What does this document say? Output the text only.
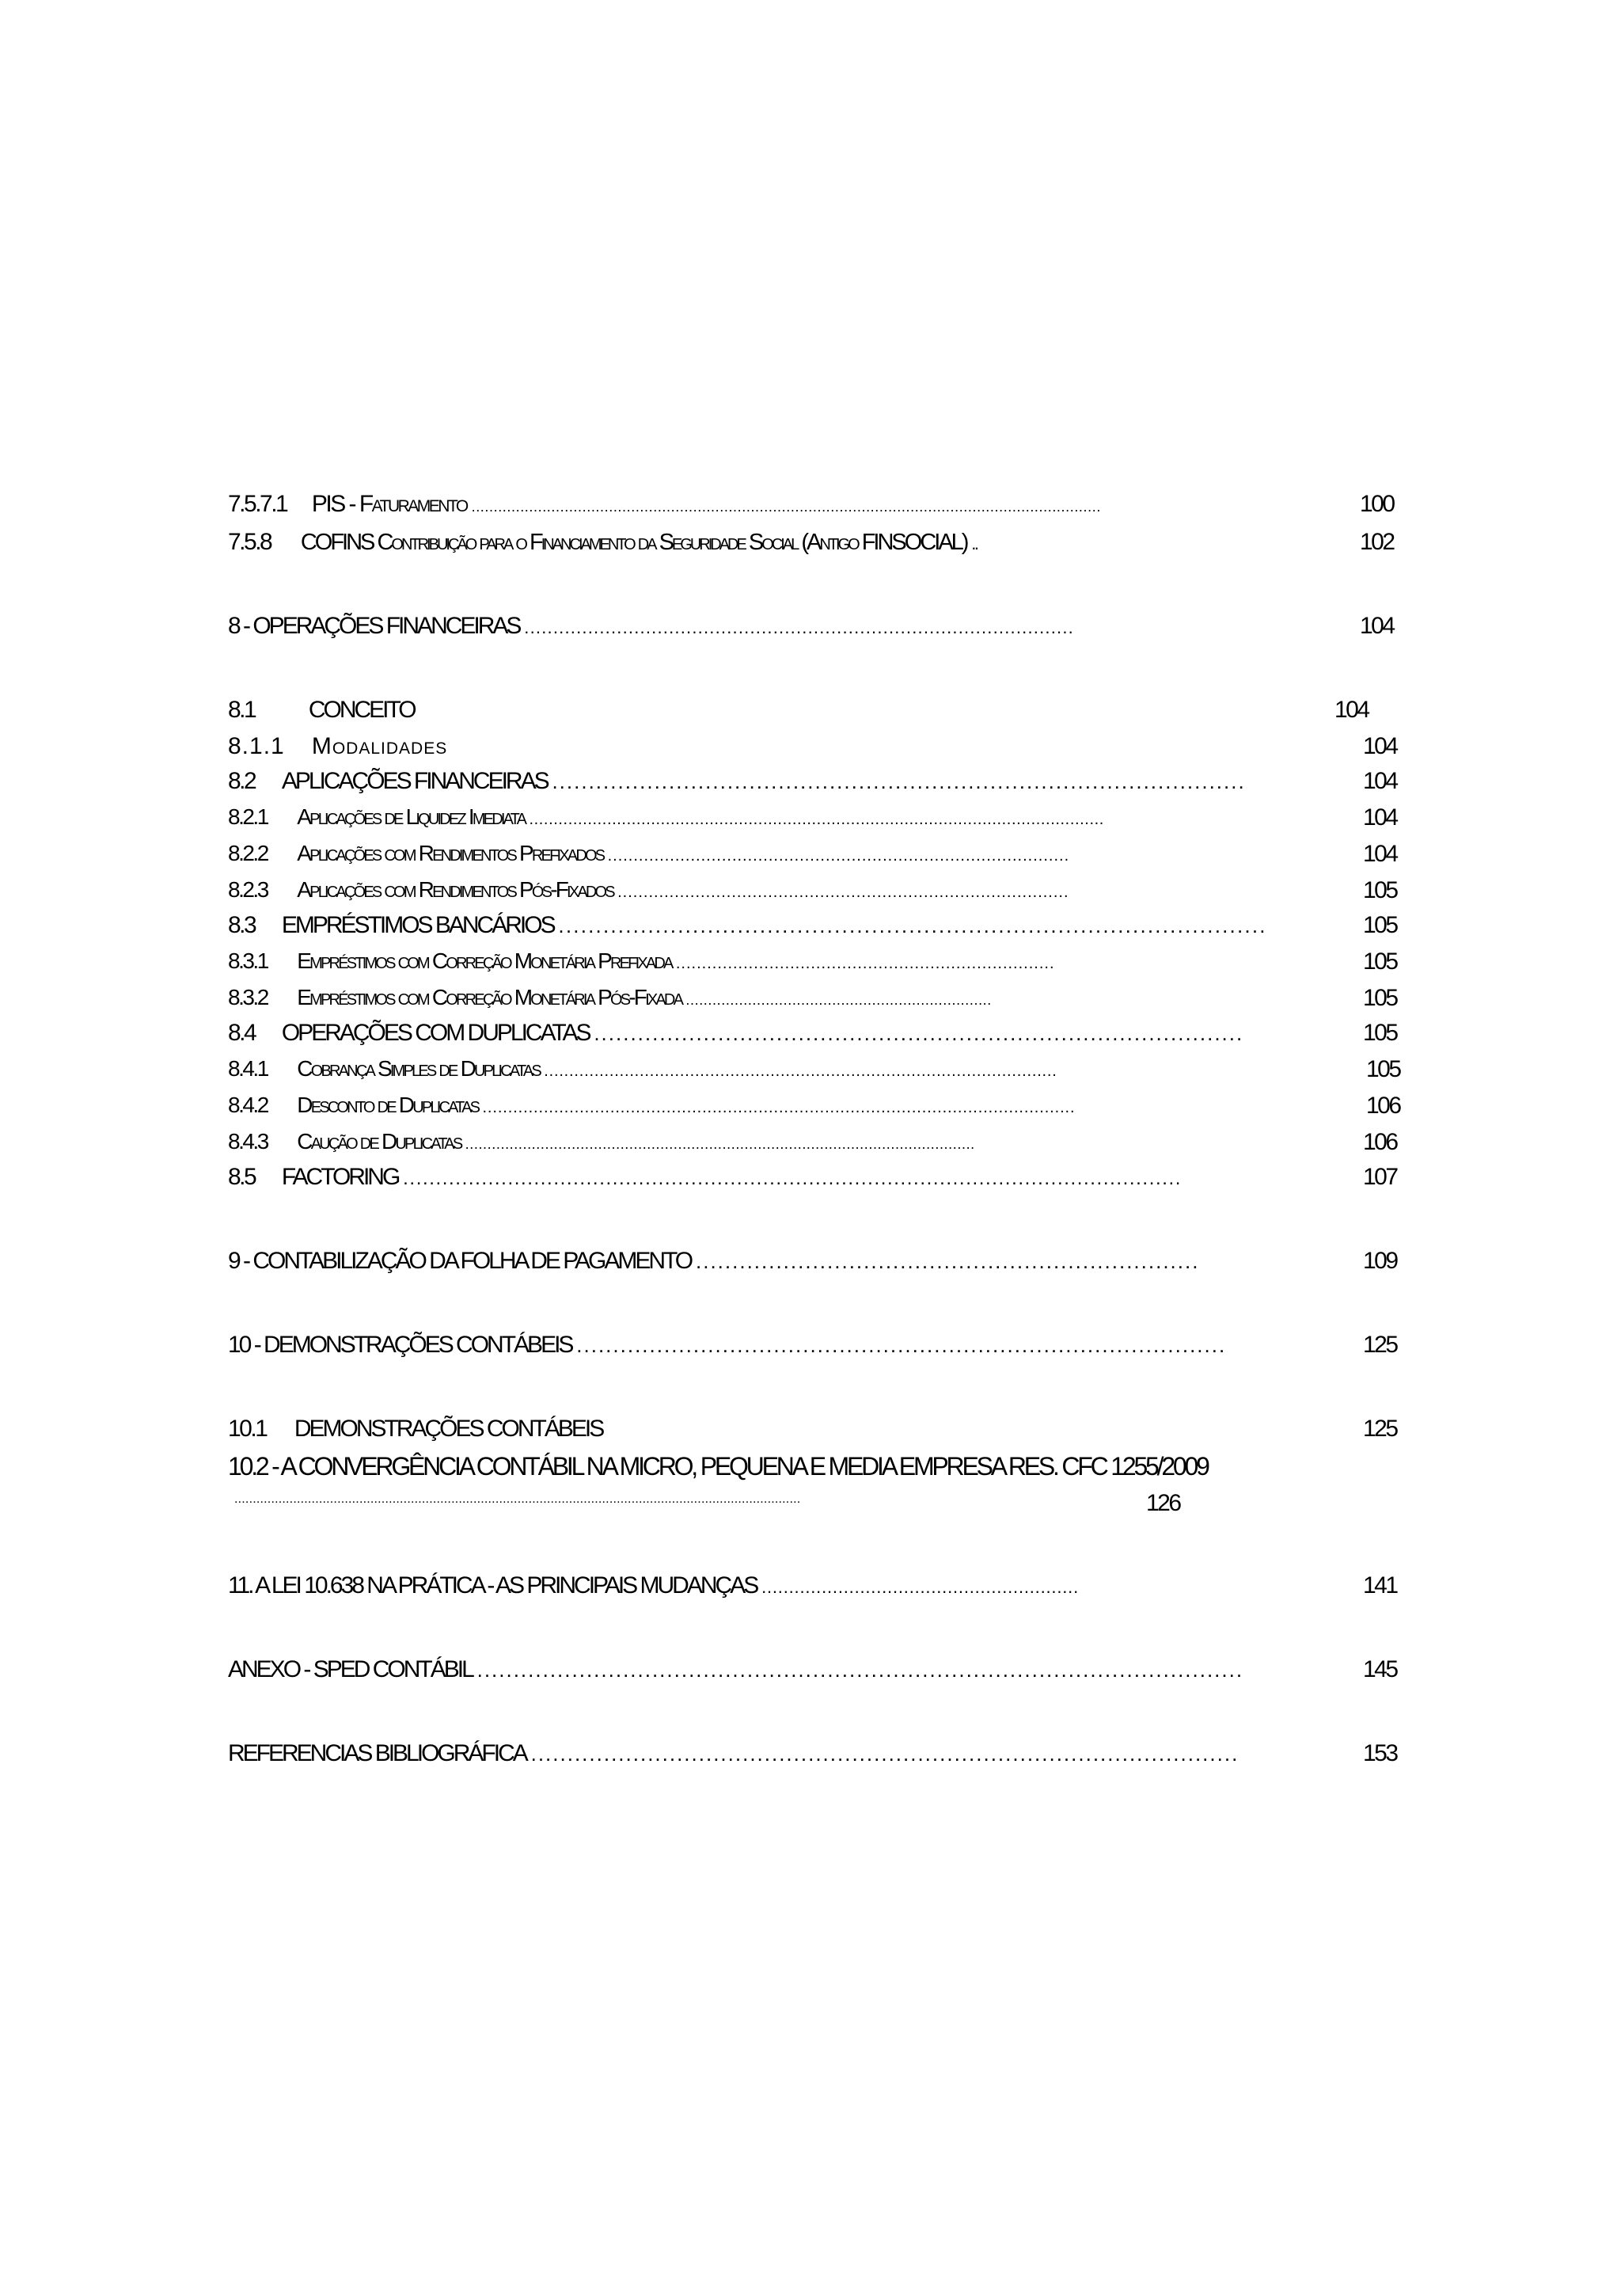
7.5.7.1 PIS - Faturamento ..............................................................................................................................................	100
7.5.8 COFINS Contribuição para o Financiamento da Seguridade Social (Antigo FINSOCIAL) ..	102
8 - OPERAÇÕES FINANCEIRAS ...............................................................................................	104
8.1 CONCEITO	104
8.1.1 Modalidades	104
8.2 APLICAÇÕES FINANCEIRAS ...............................................................................................	104
8.2.1 Aplicações de Liquidez Imediata ......................................................................................................................	104
8.2.2 Aplicações com Rendimentos Prefixados .........................................................................................	104
8.2.3 Aplicações com Rendimentos Pós-Fixados .......................................................................................	105
8.3 EMPRÉSTIMOS BANCÁRIOS ...............................................................................................	105
8.3.1 Empréstimos com Correção Monetária Prefixada .........................................................................	105
8.3.2 Empréstimos com Correção Monetária Pós-Fixada .....................................................................	105
8.4 OPERAÇÕES COM DUPLICATAS .........................................................................................	105
8.4.1 Cobrança Simples de Duplicatas ......................................................................................................	105
8.4.2 Desconto de Duplicatas ....................................................................................................................	106
8.4.3 Caução de Duplicatas ...................................................................................................................	106
8.5 FACTORING .......................................................................................................................	107
9 - CONTABILIZAÇÃO DA FOLHA DE PAGAMENTO .....................................................................	109
10 - DEMONSTRAÇÕES CONTÁBEIS .........................................................................................	125
10.1 DEMONSTRAÇÕES CONTÁBEIS	125
10.2 - A CONVERGÊNCIA CONTÁBIL NA MICRO, PEQUENA E MEDIA EMPRESA RES. CFC 1255/2009
..........................................................................................................................................................	126
11. A LEI 10.638 NA PRÁTICA - AS PRINCIPAIS MUDANÇAS ..........................................................	141
ANEXO - SPED CONTÁBIL .........................................................................................................	145
REFERENCIAS BIBLIOGRÁFICA .................................................................................................	153
